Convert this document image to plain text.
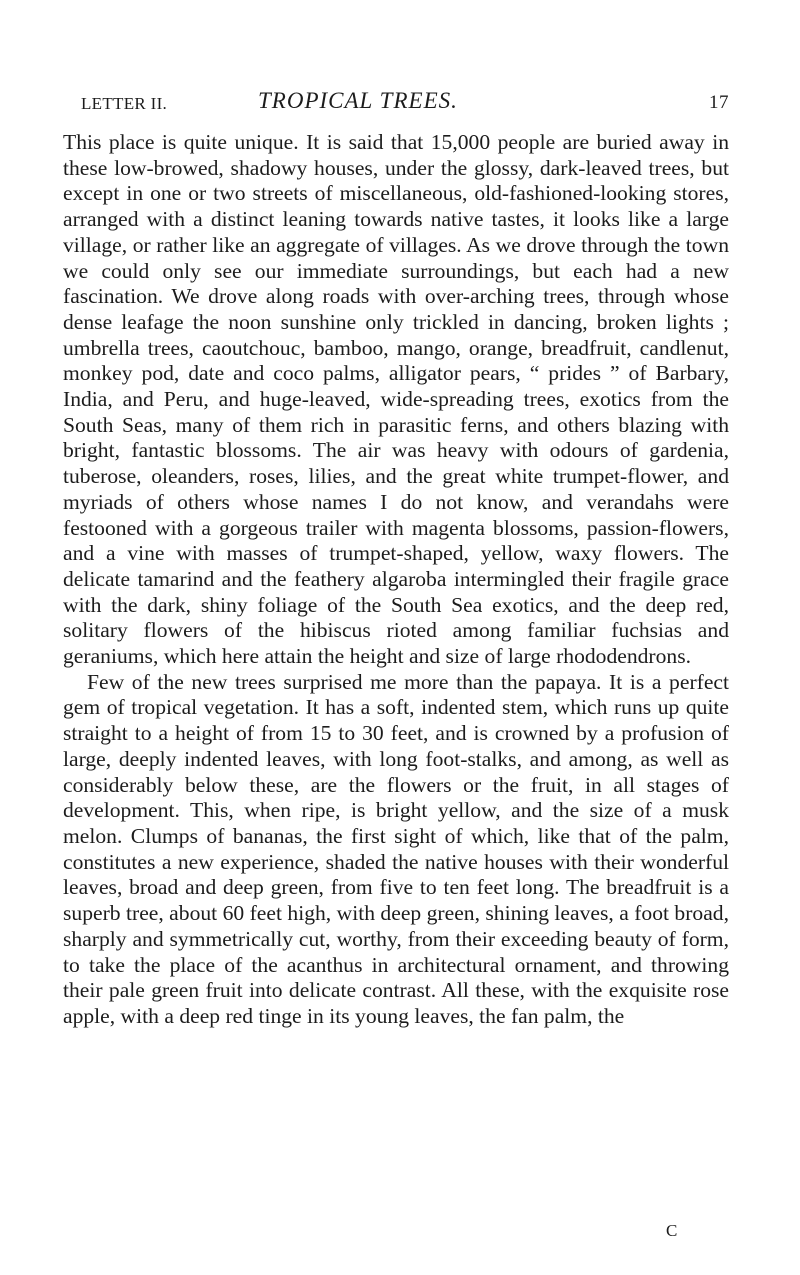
LETTER II.	TROPICAL TREES.	17

This place is quite unique. It is said that 15,000 people are buried away in these low-browed, shadowy houses, under the glossy, dark-leaved trees, but except in one or two streets of miscellaneous, old-fashioned-looking stores, arranged with a distinct leaning towards native tastes, it looks like a large village, or rather like an aggregate of villages. As we drove through the town we could only see our immediate surroundings, but each had a new fascination. We drove along roads with over-arching trees, through whose dense leafage the noon sunshine only trickled in dancing, broken lights ; umbrella trees, caoutchouc, bamboo, mango, orange, breadfruit, candlenut, monkey pod, date and coco palms, alligator pears, “ prides ” of Barbary, India, and Peru, and huge-leaved, wide-spreading trees, exotics from the South Seas, many of them rich in parasitic ferns, and others blazing with bright, fantastic blossoms. The air was heavy with odours of gardenia, tuberose, oleanders, roses, lilies, and the great white trumpet-flower, and myriads of others whose names I do not know, and verandahs were festooned with a gorgeous trailer with magenta blossoms, passion-flowers, and a vine with masses of trumpet-shaped, yellow, waxy flowers. The delicate tamarind and the feathery algaroba intermingled their fragile grace with the dark, shiny foliage of the South Sea exotics, and the deep red, solitary flowers of the hibiscus rioted among familiar fuchsias and geraniums, which here attain the height and size of large rhododendrons.

Few of the new trees surprised me more than the papaya. It is a perfect gem of tropical vegetation. It has a soft, indented stem, which runs up quite straight to a height of from 15 to 30 feet, and is crowned by a profusion of large, deeply indented leaves, with long foot-stalks, and among, as well as considerably below these, are the flowers or the fruit, in all stages of development. This, when ripe, is bright yellow, and the size of a musk melon. Clumps of bananas, the first sight of which, like that of the palm, constitutes a new experience, shaded the native houses with their wonderful leaves, broad and deep green, from five to ten feet long. The breadfruit is a superb tree, about 60 feet high, with deep green, shining leaves, a foot broad, sharply and symmetrically cut, worthy, from their exceeding beauty of form, to take the place of the acanthus in architectural ornament, and throwing their pale green fruit into delicate contrast. All these, with the exquisite rose apple, with a deep red tinge in its young leaves, the fan palm, the

C
